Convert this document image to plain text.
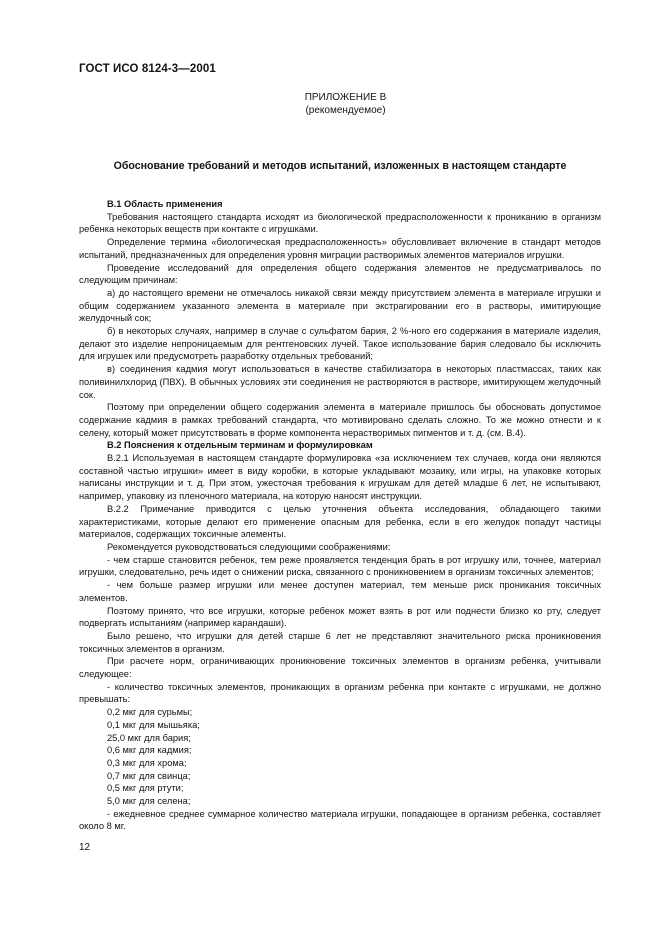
ГОСТ ИСО 8124-3—2001
ПРИЛОЖЕНИЕ В
(рекомендуемое)
Обоснование требований и методов испытаний, изложенных в настоящем стандарте

В.1 Область применения

Требования настоящего стандарта исходят из биологической предрасположенности к прониканию в организм ребенка некоторых веществ при контакте с игрушками.

Определение термина «биологическая предрасположенность» обусловливает включение в стандарт методов испытаний, предназначенных для определения уровня миграции растворимых элементов материалов игрушки.

Проведение исследований для определения общего содержания элементов не предусматривалось по следующим причинам:

а) до настоящего времени не отмечалось никакой связи между присутствием элемента в материале игрушки и общим содержанием указанного элемента в материале при экстрагировании его в растворы, имитирующие желудочный сок;

б) в некоторых случаях, например в случае с сульфатом бария, 2 %-ного его содержания в материале изделия, делают это изделие непроницаемым для рентгеновских лучей. Такое использование бария следовало бы исключить для игрушек или предусмотреть разработку отдельных требований;

в) соединения кадмия могут использоваться в качестве стабилизатора в некоторых пластмассах, таких как поливинилхлорид (ПВХ). В обычных условиях эти соединения не растворяются в растворе, имитирующем желудочный сок.

Поэтому при определении общего содержания элемента в материале пришлось бы обосновать допустимое содержание кадмия в рамках требований стандарта, что мотивировано сделать сложно. То же можно отнести и к селену, который может присутствовать в форме компонента нерастворимых пигментов и т. д. (см. В.4).

В.2 Пояснения к отдельным терминам и формулировкам

В.2.1 Используемая в настоящем стандарте формулировка «за исключением тех случаев, когда они являются составной частью игрушки» имеет в виду коробки, в которые укладывают мозаику, или игры, на упаковке которых написаны инструкции и т. д. При этом, ужесточая требования к игрушкам для детей младше 6 лет, не испытывают, например, упаковку из пленочного материала, на которую наносят инструкции.

В.2.2 Примечание приводится с целью уточнения объекта исследования, обладающего такими характеристиками, которые делают его применение опасным для ребенка, если в его желудок попадут частицы материалов, содержащих токсичные элементы.

Рекомендуется руководствоваться следующими соображениями:

- чем старше становится ребенок, тем реже проявляется тенденция брать в рот игрушку или, точнее, материал игрушки, следовательно, речь идет о снижении риска, связанного с проникновением в организм токсичных элементов;

- чем больше размер игрушки или менее доступен материал, тем меньше риск проникания токсичных элементов.

Поэтому принято, что все игрушки, которые ребенок может взять в рот или поднести близко ко рту, следует подвергать испытаниям (например карандаши).

Было решено, что игрушки для детей старше 6 лет не представляют значительного риска проникновения токсичных элементов в организм.

При расчете норм, ограничивающих проникновение токсичных элементов в организм ребенка, учитывали следующее:

- количество токсичных элементов, проникающих в организм ребенка при контакте с игрушками, не должно превышать:

0,2 мкг для сурьмы;

0,1 мкг для мышьяка;

25,0 мкг для бария;

0,6 мкг для кадмия;

0,3 мкг для хрома;

0,7 мкг для свинца;

0,5 мкг для ртути;

5,0 мкг для селена;

- ежедневное среднее суммарное количество материала игрушки, попадающее в организм ребенка, составляет около 8 мг.

12
